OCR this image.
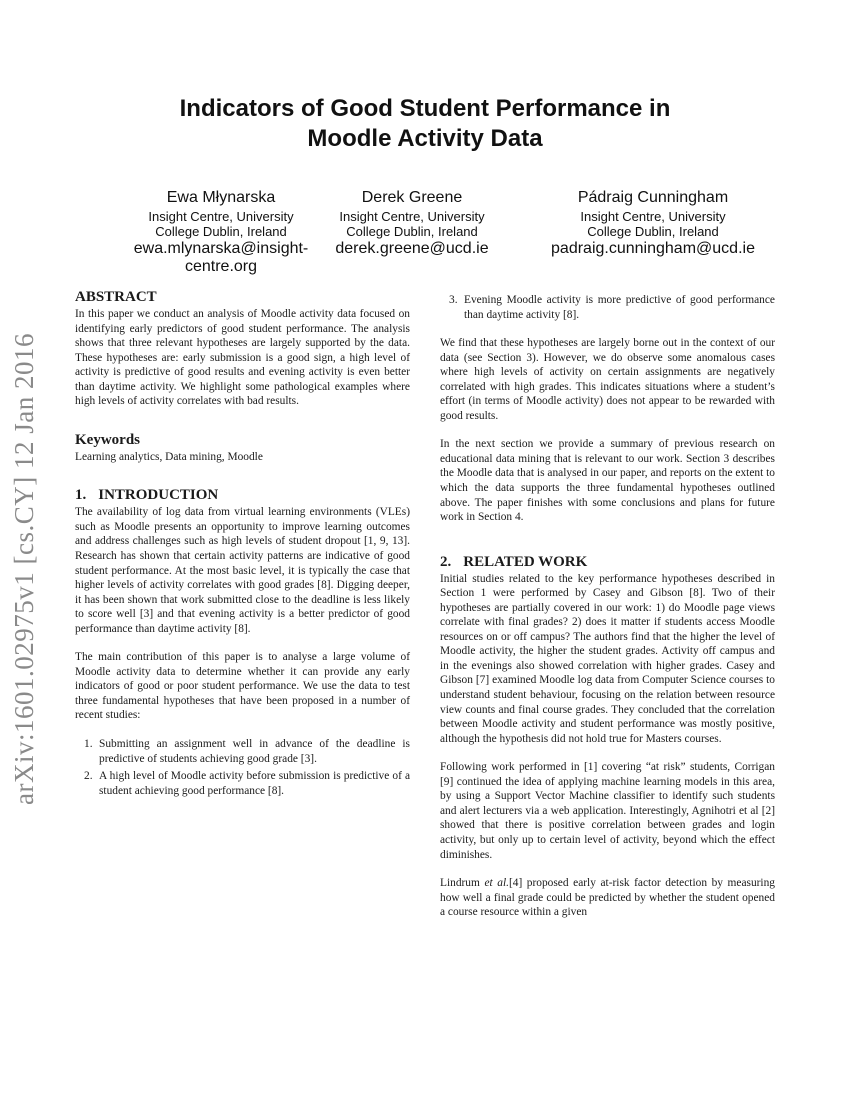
arXiv:1601.02975v1 [cs.CY] 12 Jan 2016
Indicators of Good Student Performance in
Moodle Activity Data
Ewa Młynarska
Insight Centre, University
College Dublin, Ireland
ewa.mlynarska@insight-
centre.org
Derek Greene
Insight Centre, University
College Dublin, Ireland
derek.greene@ucd.ie
Pádraig Cunningham
Insight Centre, University
College Dublin, Ireland
padraig.cunningham@ucd.ie
ABSTRACT

In this paper we conduct an analysis of Moodle activity data focused on identifying early predictors of good student performance. The analysis shows that three relevant hypotheses are largely supported by the data. These hypotheses are: early submission is a good sign, a high level of activity is predictive of good results and evening activity is even better than daytime activity. We highlight some pathological examples where high levels of activity correlates with bad results.

Keywords

Learning analytics, Data mining, Moodle

1. INTRODUCTION

The availability of log data from virtual learning environments (VLEs) such as Moodle presents an opportunity to improve learning outcomes and address challenges such as high levels of student dropout [1, 9, 13]. Research has shown that certain activity patterns are indicative of good student performance. At the most basic level, it is typically the case that higher levels of activity correlates with good grades [8]. Digging deeper, it has been shown that work submitted close to the deadline is less likely to score well [3] and that evening activity is a better predictor of good performance than daytime activity [8].

The main contribution of this paper is to analyse a large volume of Moodle activity data to determine whether it can provide any early indicators of good or poor student performance. We use the data to test three fundamental hypotheses that have been proposed in a number of recent studies:

1. Submitting an assignment well in advance of the deadline is predictive of students achieving good grade [3].
2. A high level of Moodle activity before submission is predictive of a student achieving good performance [8].
3. Evening Moodle activity is more predictive of good performance than daytime activity [8].

We find that these hypotheses are largely borne out in the context of our data (see Section 3). However, we do observe some anomalous cases where high levels of activity on certain assignments are negatively correlated with high grades. This indicates situations where a student’s effort (in terms of Moodle activity) does not appear to be rewarded with good results.

In the next section we provide a summary of previous research on educational data mining that is relevant to our work. Section 3 describes the Moodle data that is analysed in our paper, and reports on the extent to which the data supports the three fundamental hypotheses outlined above. The paper finishes with some conclusions and plans for future work in Section 4.

2. RELATED WORK

Initial studies related to the key performance hypotheses described in Section 1 were performed by Casey and Gibson [8]. Two of their hypotheses are partially covered in our work: 1) do Moodle page views correlate with final grades? 2) does it matter if students access Moodle resources on or off campus? The authors find that the higher the level of Moodle activity, the higher the student grades. Activity off campus and in the evenings also showed correlation with higher grades. Casey and Gibson [7] examined Moodle log data from Computer Science courses to understand student behaviour, focusing on the relation between resource view counts and final course grades. They concluded that the correlation between Moodle activity and student performance was mostly positive, although the hypothesis did not hold true for Masters courses.

Following work performed in [1] covering “at risk” students, Corrigan [9] continued the idea of applying machine learning models in this area, by using a Support Vector Machine classifier to identify such students and alert lecturers via a web application. Interestingly, Agnihotri et al [2] showed that there is positive correlation between grades and login activity, but only up to certain level of activity, beyond which the effect diminishes.

Lindrum et al.[4] proposed early at-risk factor detection by measuring how well a final grade could be predicted by whether the student opened a course resource within a given
